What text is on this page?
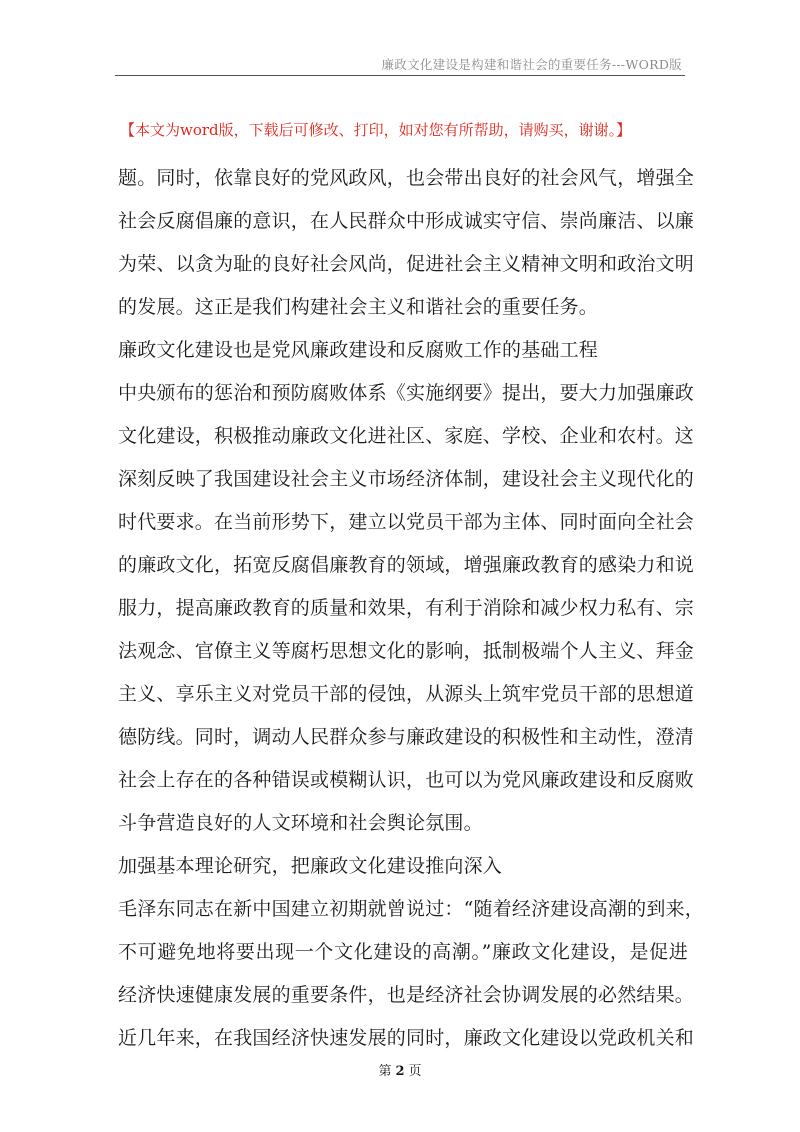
廉政文化建设是构建和谐社会的重要任务---WORD版
【本文为word版，下载后可修改、打印，如对您有所帮助，请购买，谢谢。】
题。同时，依靠良好的党风政风，也会带出良好的社会风气，增强全
社会反腐倡廉的意识，在人民群众中形成诚实守信、崇尚廉洁、以廉
为荣、以贪为耻的良好社会风尚，促进社会主义精神文明和政治文明
的发展。这正是我们构建社会主义和谐社会的重要任务。
廉政文化建设也是党风廉政建设和反腐败工作的基础工程
中央颁布的惩治和预防腐败体系《实施纲要》提出，要大力加强廉政
文化建设，积极推动廉政文化进社区、家庭、学校、企业和农村。这
深刻反映了我国建设社会主义市场经济体制，建设社会主义现代化的
时代要求。在当前形势下，建立以党员干部为主体、同时面向全社会
的廉政文化，拓宽反腐倡廉教育的领域，增强廉政教育的感染力和说
服力，提高廉政教育的质量和效果，有利于消除和减少权力私有、宗
法观念、官僚主义等腐朽思想文化的影响，抵制极端个人主义、拜金
主义、享乐主义对党员干部的侵蚀，从源头上筑牢党员干部的思想道
德防线。同时，调动人民群众参与廉政建设的积极性和主动性，澄清
社会上存在的各种错误或模糊认识，也可以为党风廉政建设和反腐败
斗争营造良好的人文环境和社会舆论氛围。
加强基本理论研究，把廉政文化建设推向深入
毛泽东同志在新中国建立初期就曾说过：“随着经济建设高潮的到来，
不可避免地将要出现一个文化建设的高潮。”廉政文化建设，是促进
经济快速健康发展的重要条件，也是经济社会协调发展的必然结果。
近几年来，在我国经济快速发展的同时，廉政文化建设以党政机关和
第 2 页
